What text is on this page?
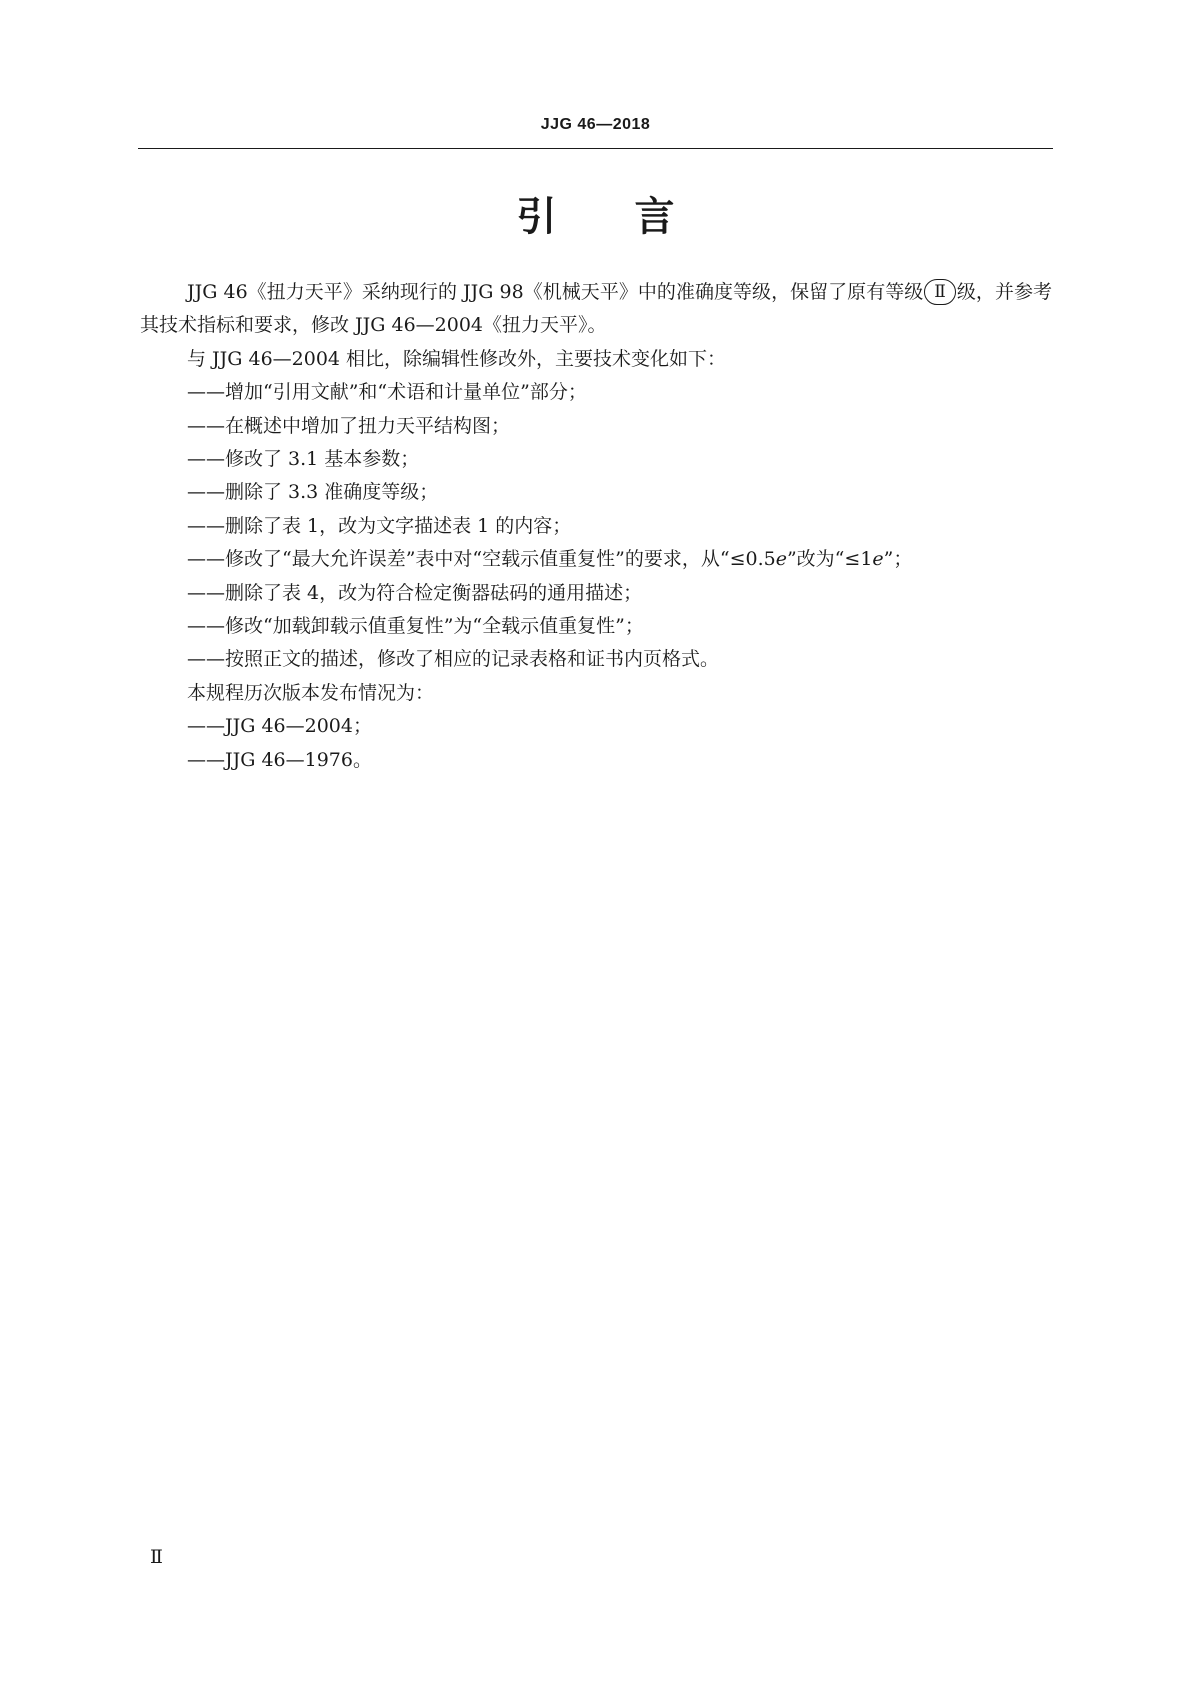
JJG 46—2018
引 言

JJG 46《扭力天平》采纳现行的 JJG 98《机械天平》中的准确度等级，保留了原有等级 Ⅱ 级，并参考其技术指标和要求，修改 JJG 46—2004《扭力天平》。

与 JJG 46—2004 相比，除编辑性修改外，主要技术变化如下：

——增加“引用文献”和“术语和计量单位”部分；

——在概述中增加了扭力天平结构图；

——修改了 3.1 基本参数；

——删除了 3.3 准确度等级；

——删除了表 1，改为文字描述表 1 的内容；

——修改了“最大允许误差”表中对“空载示值重复性”的要求，从“≤0.5e”改为“≤1e”；

——删除了表 4，改为符合检定衡器砝码的通用描述；

——修改“加载卸载示值重复性”为“全载示值重复性”；

——按照正文的描述，修改了相应的记录表格和证书内页格式。

本规程历次版本发布情况为：

——JJG 46—2004；

——JJG 46—1976。

Ⅱ
